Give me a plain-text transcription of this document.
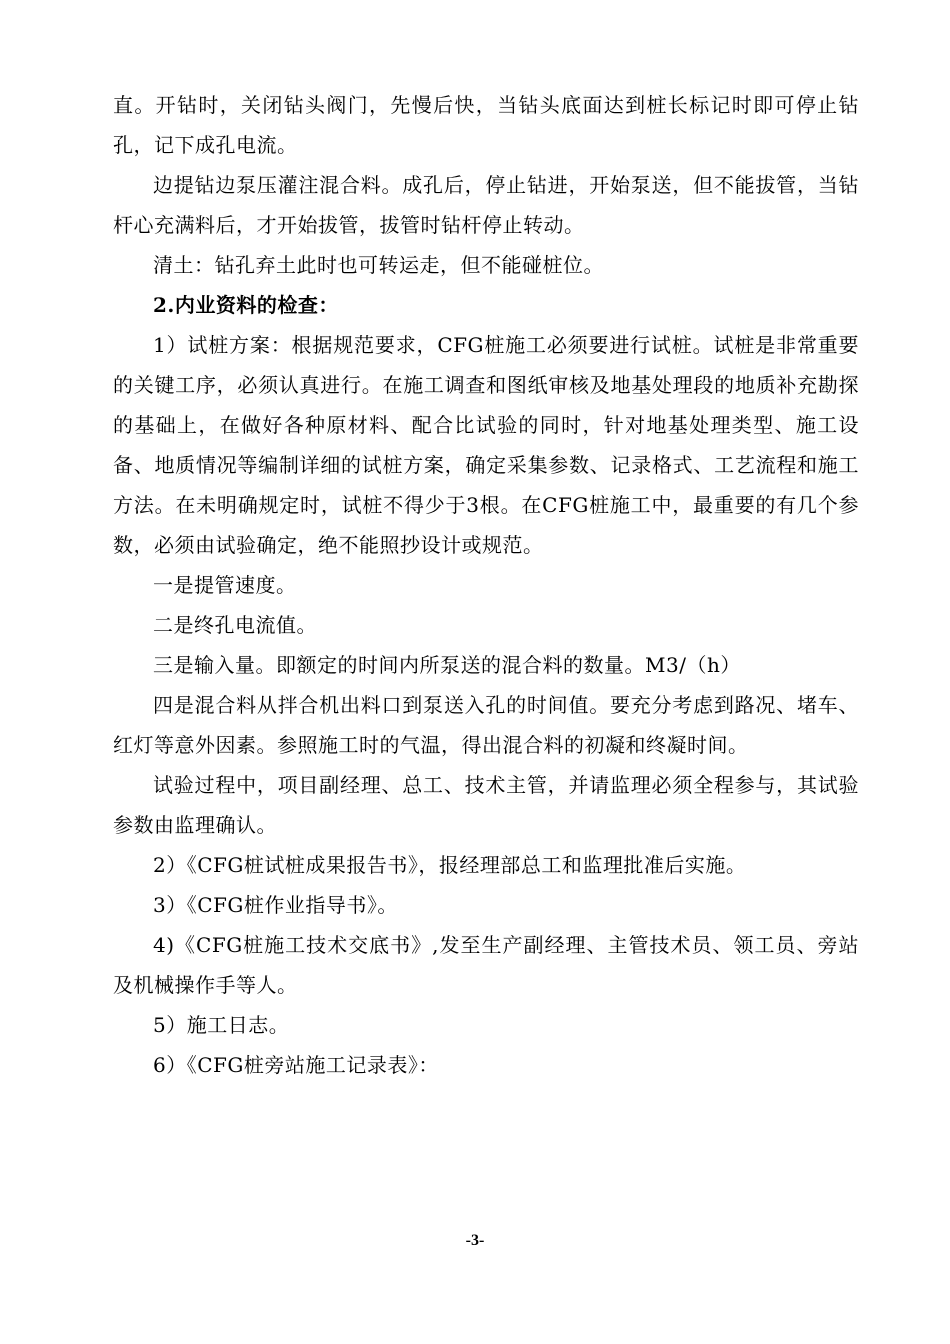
直。开钻时，关闭钻头阀门，先慢后快，当钻头底面达到桩长标记时即可停止钻孔，记下成孔电流。

边提钻边泵压灌注混合料。成孔后，停止钻进，开始泵送，但不能拔管，当钻杆心充满料后，才开始拔管，拔管时钻杆停止转动。

清土：钻孔弃土此时也可转运走，但不能碰桩位。

2.内业资料的检查：

1）试桩方案：根据规范要求，CFG桩施工必须要进行试桩。试桩是非常重要的关键工序，必须认真进行。在施工调查和图纸审核及地基处理段的地质补充勘探的基础上，在做好各种原材料、配合比试验的同时，针对地基处理类型、施工设备、地质情况等编制详细的试桩方案，确定采集参数、记录格式、工艺流程和施工方法。在未明确规定时，试桩不得少于3根。在CFG桩施工中，最重要的有几个参数，必须由试验确定，绝不能照抄设计或规范。

一是提管速度。

二是终孔电流值。

三是输入量。即额定的时间内所泵送的混合料的数量。M3/（h）

四是混合料从拌合机出料口到泵送入孔的时间值。要充分考虑到路况、堵车、红灯等意外因素。参照施工时的气温，得出混合料的初凝和终凝时间。

试验过程中，项目副经理、总工、技术主管，并请监理必须全程参与，其试验参数由监理确认。

2）《CFG桩试桩成果报告书》，报经理部总工和监理批准后实施。

3）《CFG桩作业指导书》。

4)《CFG桩施工技术交底书》,发至生产副经理、主管技术员、领工员、旁站及机械操作手等人。

5）施工日志。

6）《CFG桩旁站施工记录表》：

-3-
